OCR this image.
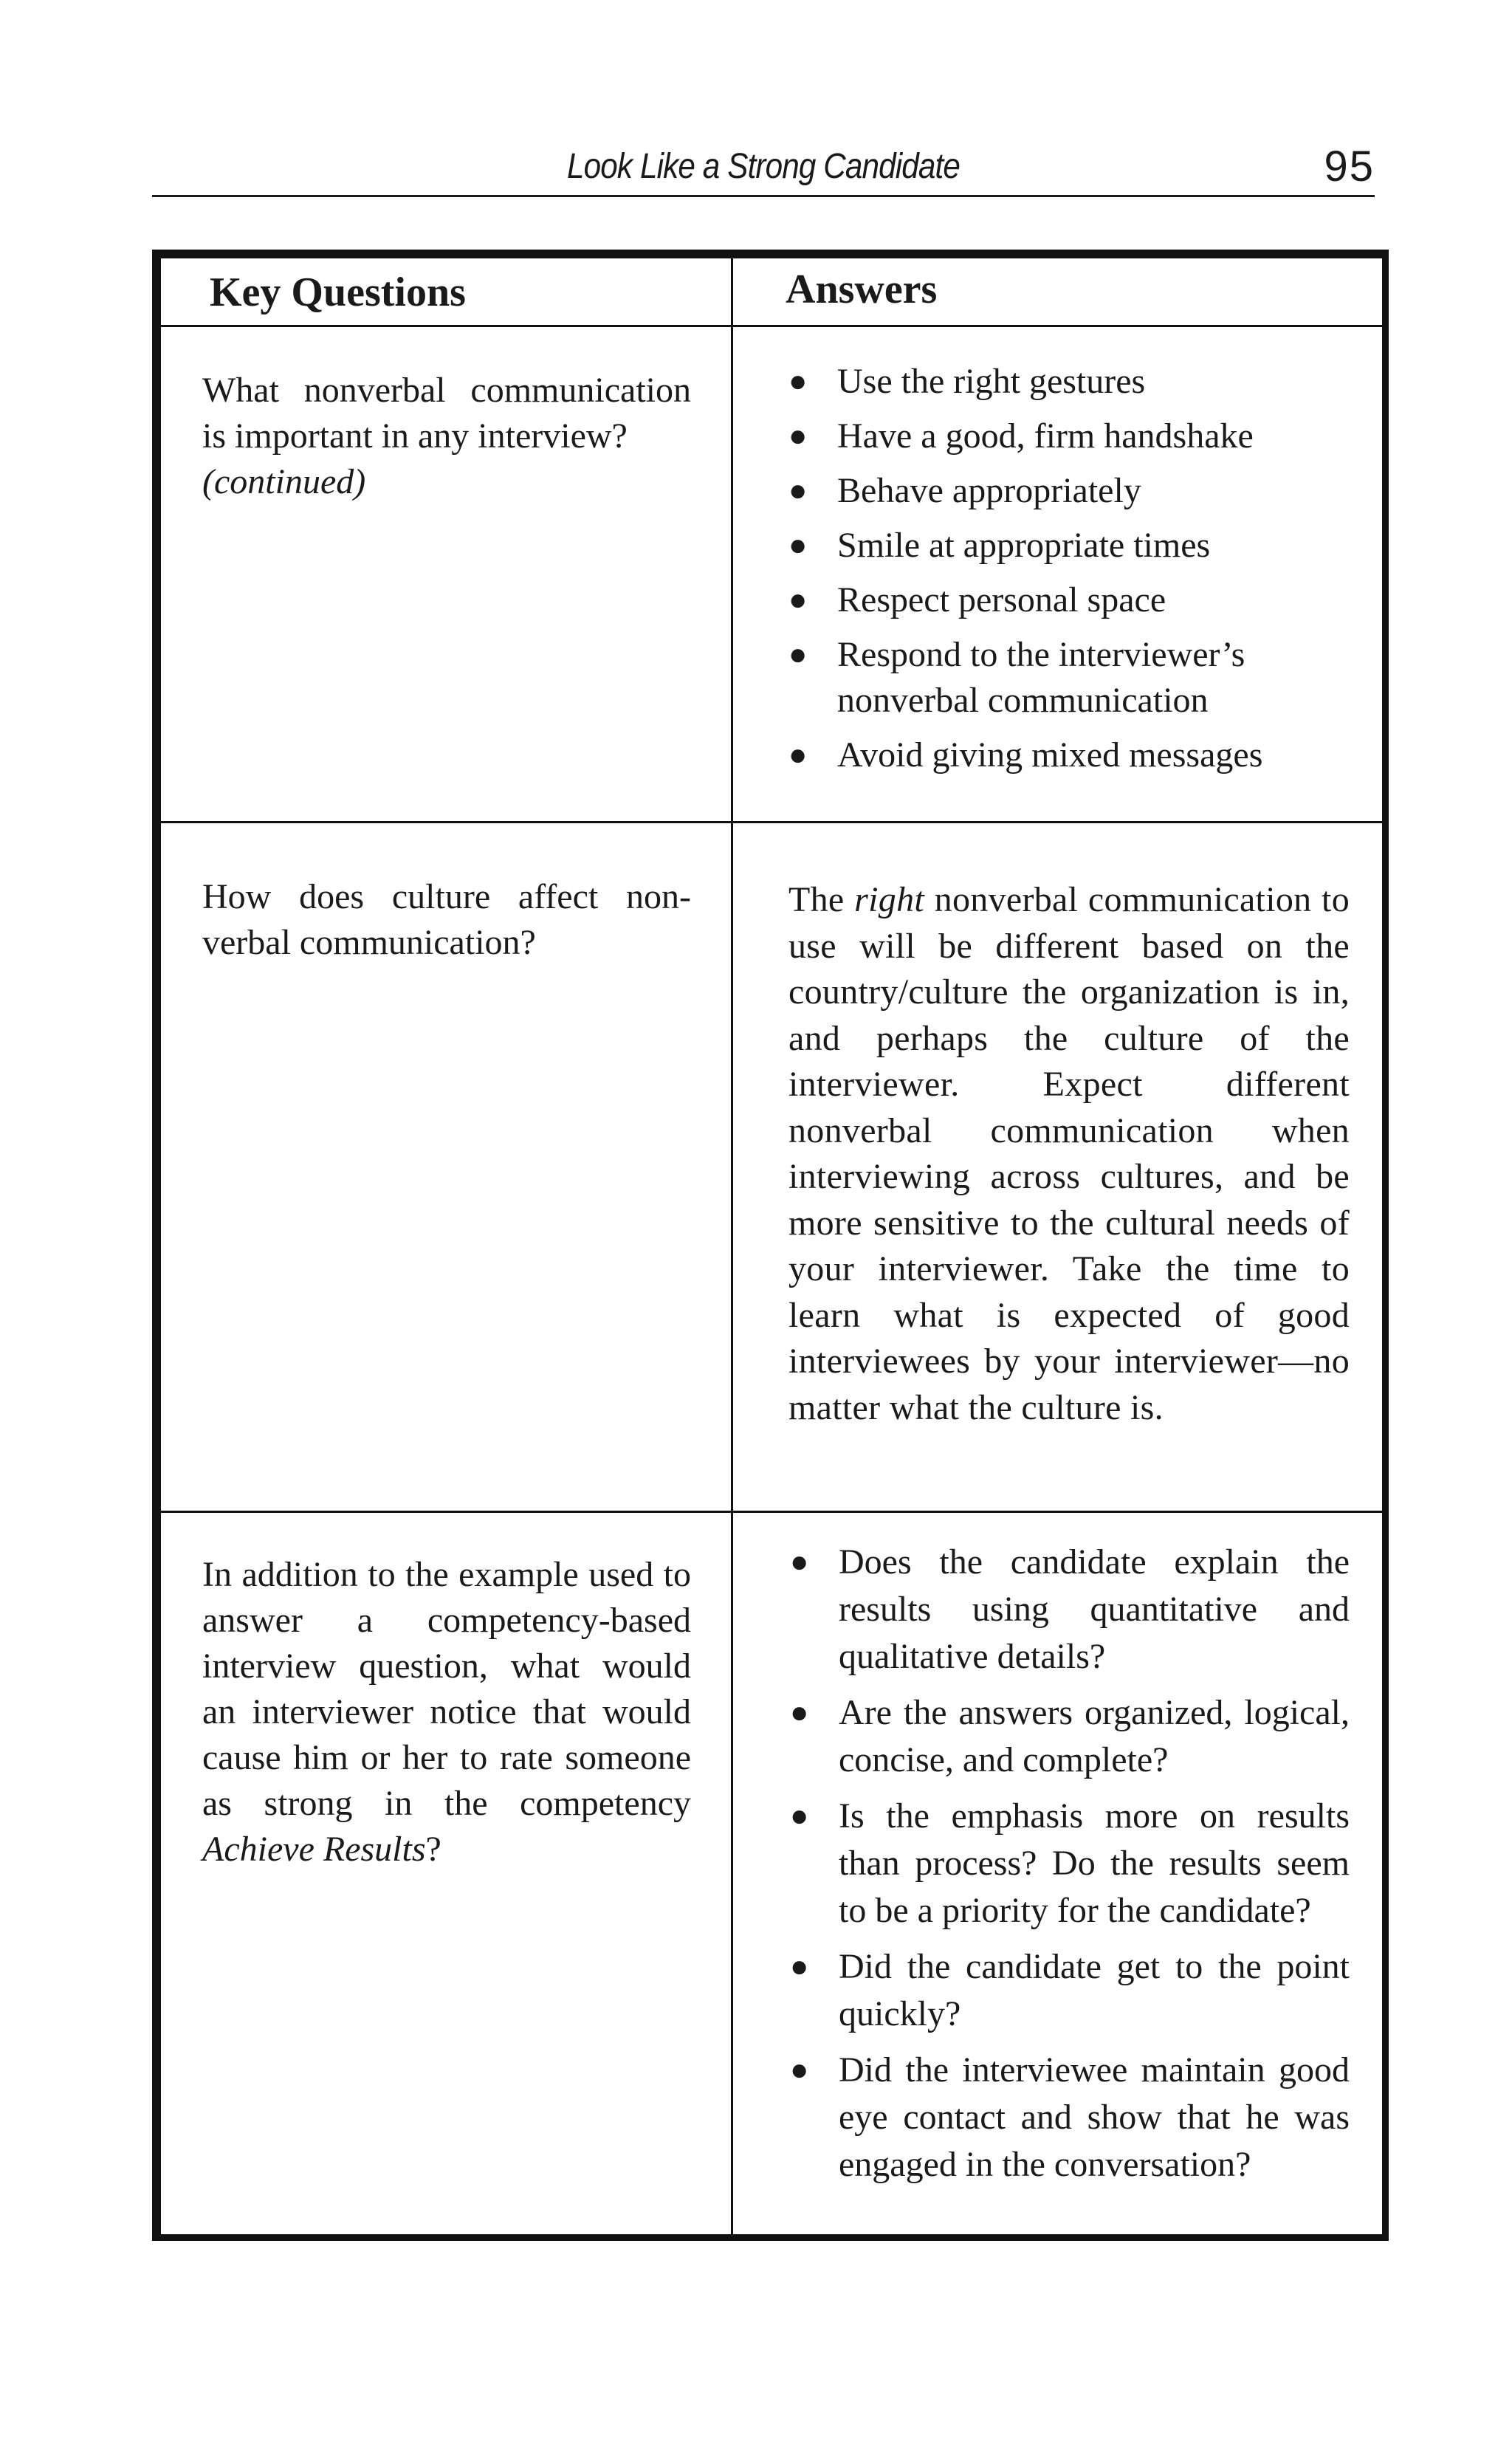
Look Like a Strong Candidate	95
Key Questions	Answers
What nonverbal communication is important in any interview?
(continued)
● Use the right gestures
● Have a good, firm handshake
● Behave appropriately
● Smile at appropriate times
● Respect personal space
● Respond to the interviewer’s nonverbal communication
● Avoid giving mixed messages
How does culture affect non-verbal communication?
The right nonverbal communication to use will be different based on the country/culture the organization is in, and perhaps the culture of the interviewer. Expect different nonverbal communication when interviewing across cultures, and be more sensitive to the cultural needs of your interviewer. Take the time to learn what is expected of good interviewees by your interviewer—no matter what the culture is.
In addition to the example used to answer a competency-based interview question, what would an interviewer notice that would cause him or her to rate someone as strong in the competency Achieve Results?
● Does the candidate explain the results using quantitative and qualitative details?
● Are the answers organized, logical, concise, and complete?
● Is the emphasis more on results than process? Do the results seem to be a priority for the candidate?
● Did the candidate get to the point quickly?
● Did the interviewee maintain good eye contact and show that he was engaged in the conversation?
